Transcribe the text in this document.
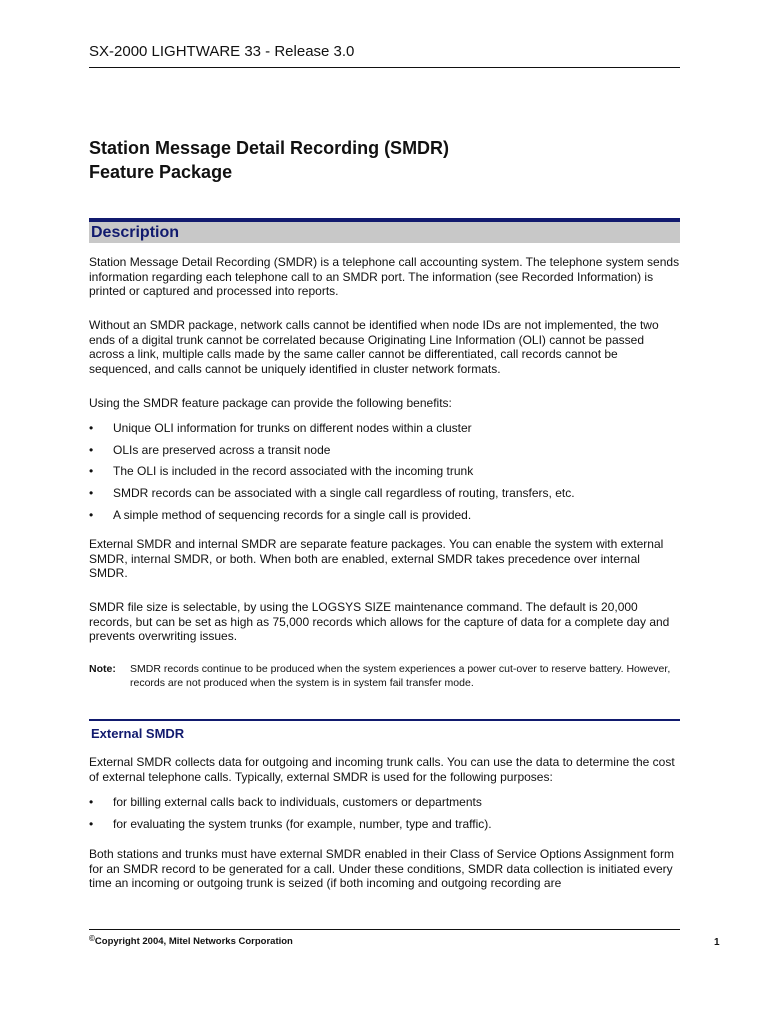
SX-2000 LIGHTWARE 33 - Release 3.0
Station Message Detail Recording (SMDR)
Feature Package
Description
Station Message Detail Recording (SMDR) is a telephone call accounting system. The telephone system sends information regarding each telephone call to an SMDR port. The information (see Recorded Information) is printed or captured and processed into reports.
Without an SMDR package, network calls cannot be identified when node IDs are not implemented, the two ends of a digital trunk cannot be correlated because Originating Line Information (OLI) cannot be passed across a link, multiple calls made by the same caller cannot be differentiated, call records cannot be sequenced, and calls cannot be uniquely identified in cluster network formats.
Using the SMDR feature package can provide the following benefits:
• Unique OLI information for trunks on different nodes within a cluster
• OLIs are preserved across a transit node
• The OLI is included in the record associated with the incoming trunk
• SMDR records can be associated with a single call regardless of routing, transfers, etc.
• A simple method of sequencing records for a single call is provided.
External SMDR and internal SMDR are separate feature packages. You can enable the system with external SMDR, internal SMDR, or both. When both are enabled, external SMDR takes precedence over internal SMDR.
SMDR file size is selectable, by using the LOGSYS SIZE maintenance command. The default is 20,000 records, but can be set as high as 75,000 records which allows for the capture of data for a complete day and prevents overwriting issues.
Note: SMDR records continue to be produced when the system experiences a power cut-over to reserve battery. However, records are not produced when the system is in system fail transfer mode.
External SMDR
External SMDR collects data for outgoing and incoming trunk calls. You can use the data to determine the cost of external telephone calls. Typically, external SMDR is used for the following purposes:
• for billing external calls back to individuals, customers or departments
• for evaluating the system trunks (for example, number, type and traffic).
Both stations and trunks must have external SMDR enabled in their Class of Service Options Assignment form for an SMDR record to be generated for a call. Under these conditions, SMDR data collection is initiated every time an incoming or outgoing trunk is seized (if both incoming and outgoing recording are
©Copyright 2004, Mitel Networks Corporation	1
